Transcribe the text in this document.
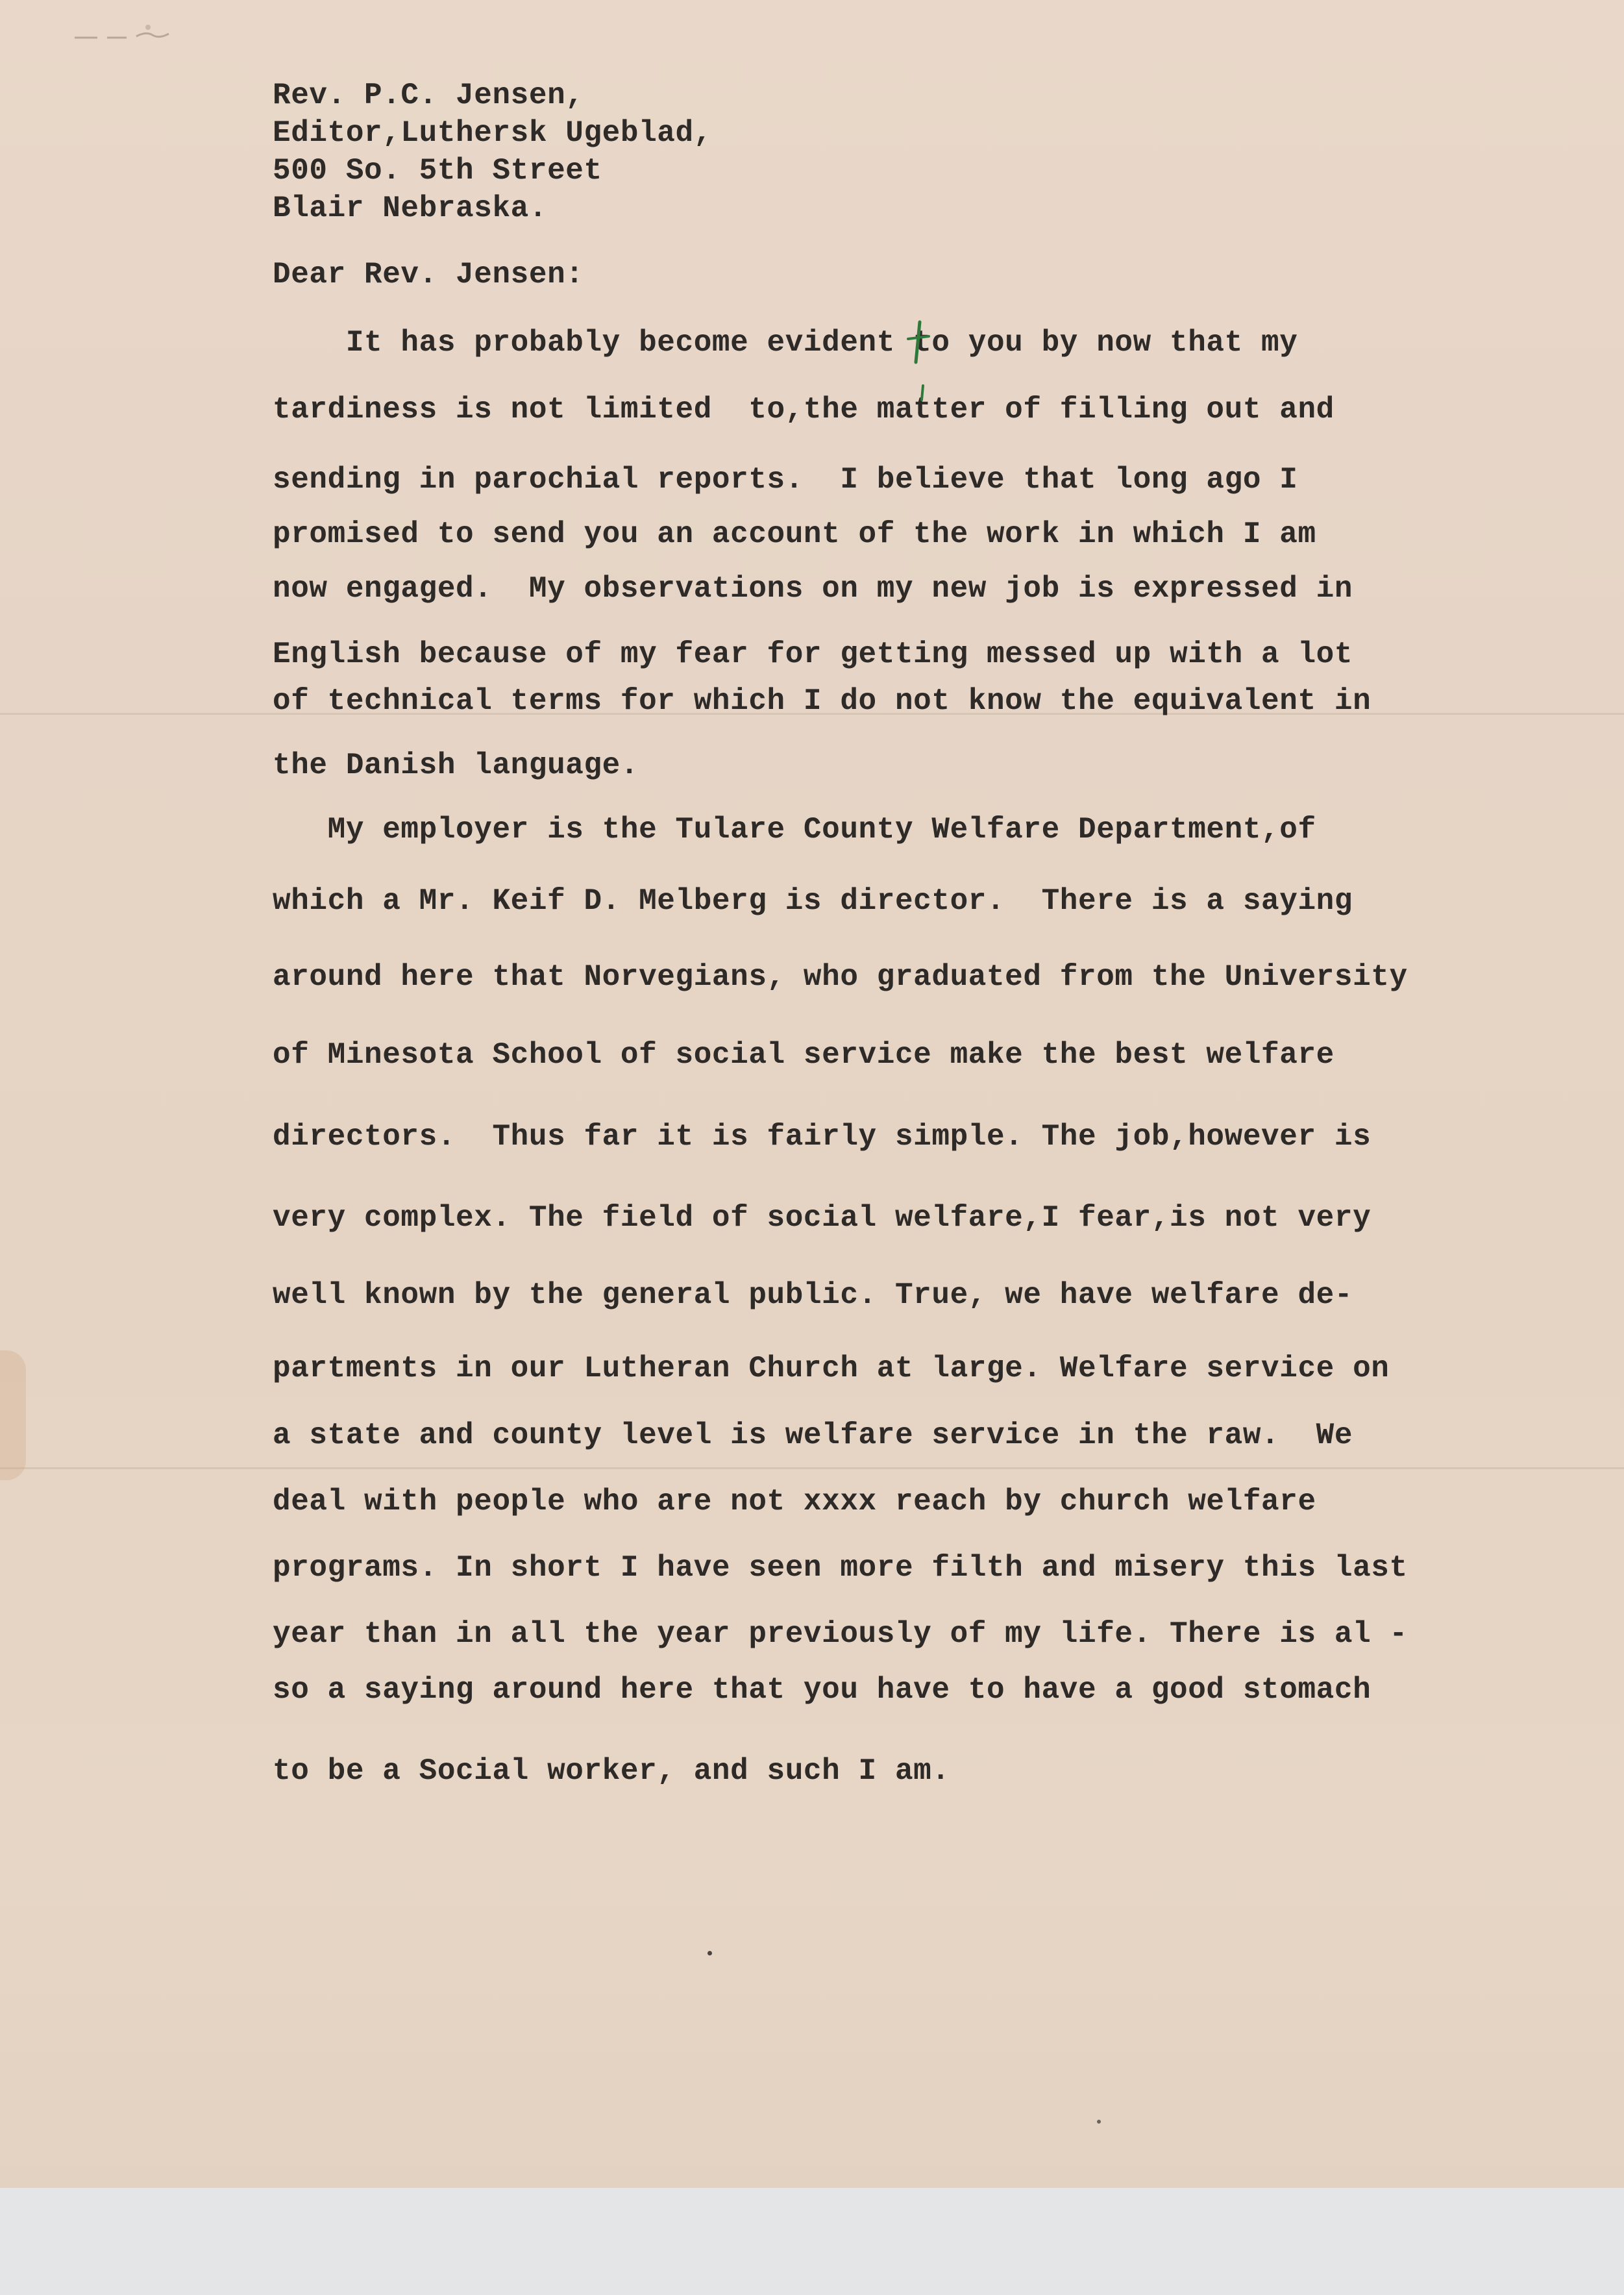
Rev. P.C. Jensen,
Editor,Luthersk Ugeblad,
500 So. 5th Street
Blair Nebraska.
Dear Rev. Jensen:
It has probably become evident to you by now that my
tardiness is not limited  to,the matter of filling out and
sending in parochial reports.  I believe that long ago I
promised to send you an account of the work in which I am
now engaged.  My observations on my new job is expressed in
English because of my fear for getting messed up with a lot
of technical terms for which I do not know the equivalent in
the Danish language.
My employer is the Tulare County Welfare Department,of
which a Mr. Keif D. Melberg is director.  There is a saying
around here that Norvegians, who graduated from the University
of Minesota School of social service make the best welfare
directors.  Thus far it is fairly simple. The job,however is
very complex. The field of social welfare,I fear,is not very
well known by the general public. True, we have welfare de-
partments in our Lutheran Church at large. Welfare service on
a state and county level is welfare service in the raw.  We
deal with people who are not xxxx reach by church welfare
programs. In short I have seen more filth and misery this last
year than in all the year previously of my life. There is al -
so a saying around here that you have to have a good stomach
to be a Social worker, and such I am.
